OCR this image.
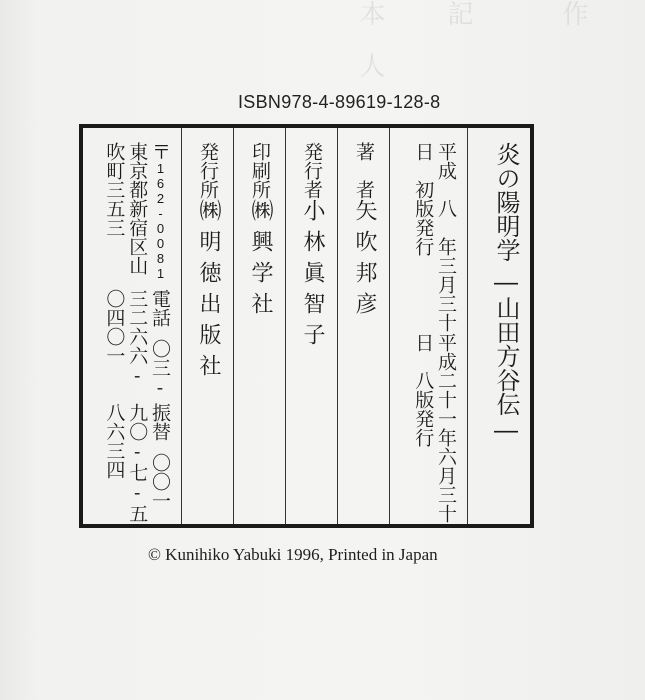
本　人 記	作
ISBN978-4-89619-128-8
炎の陽明学―山田方谷伝―
平成　八　年三月三十日　初版発行
平成二十一年六月三十日　八版発行
著　者矢吹邦彦
発行者小林眞智子
印刷所㈱興学社
発行所㈱明徳出版社
〒162-0081東京都新宿区山吹町三五三
電話〇三-三二六六-〇四〇一
振替〇〇一九〇-七-五八六三四
© Kunihiko Yabuki 1996, Printed in Japan
